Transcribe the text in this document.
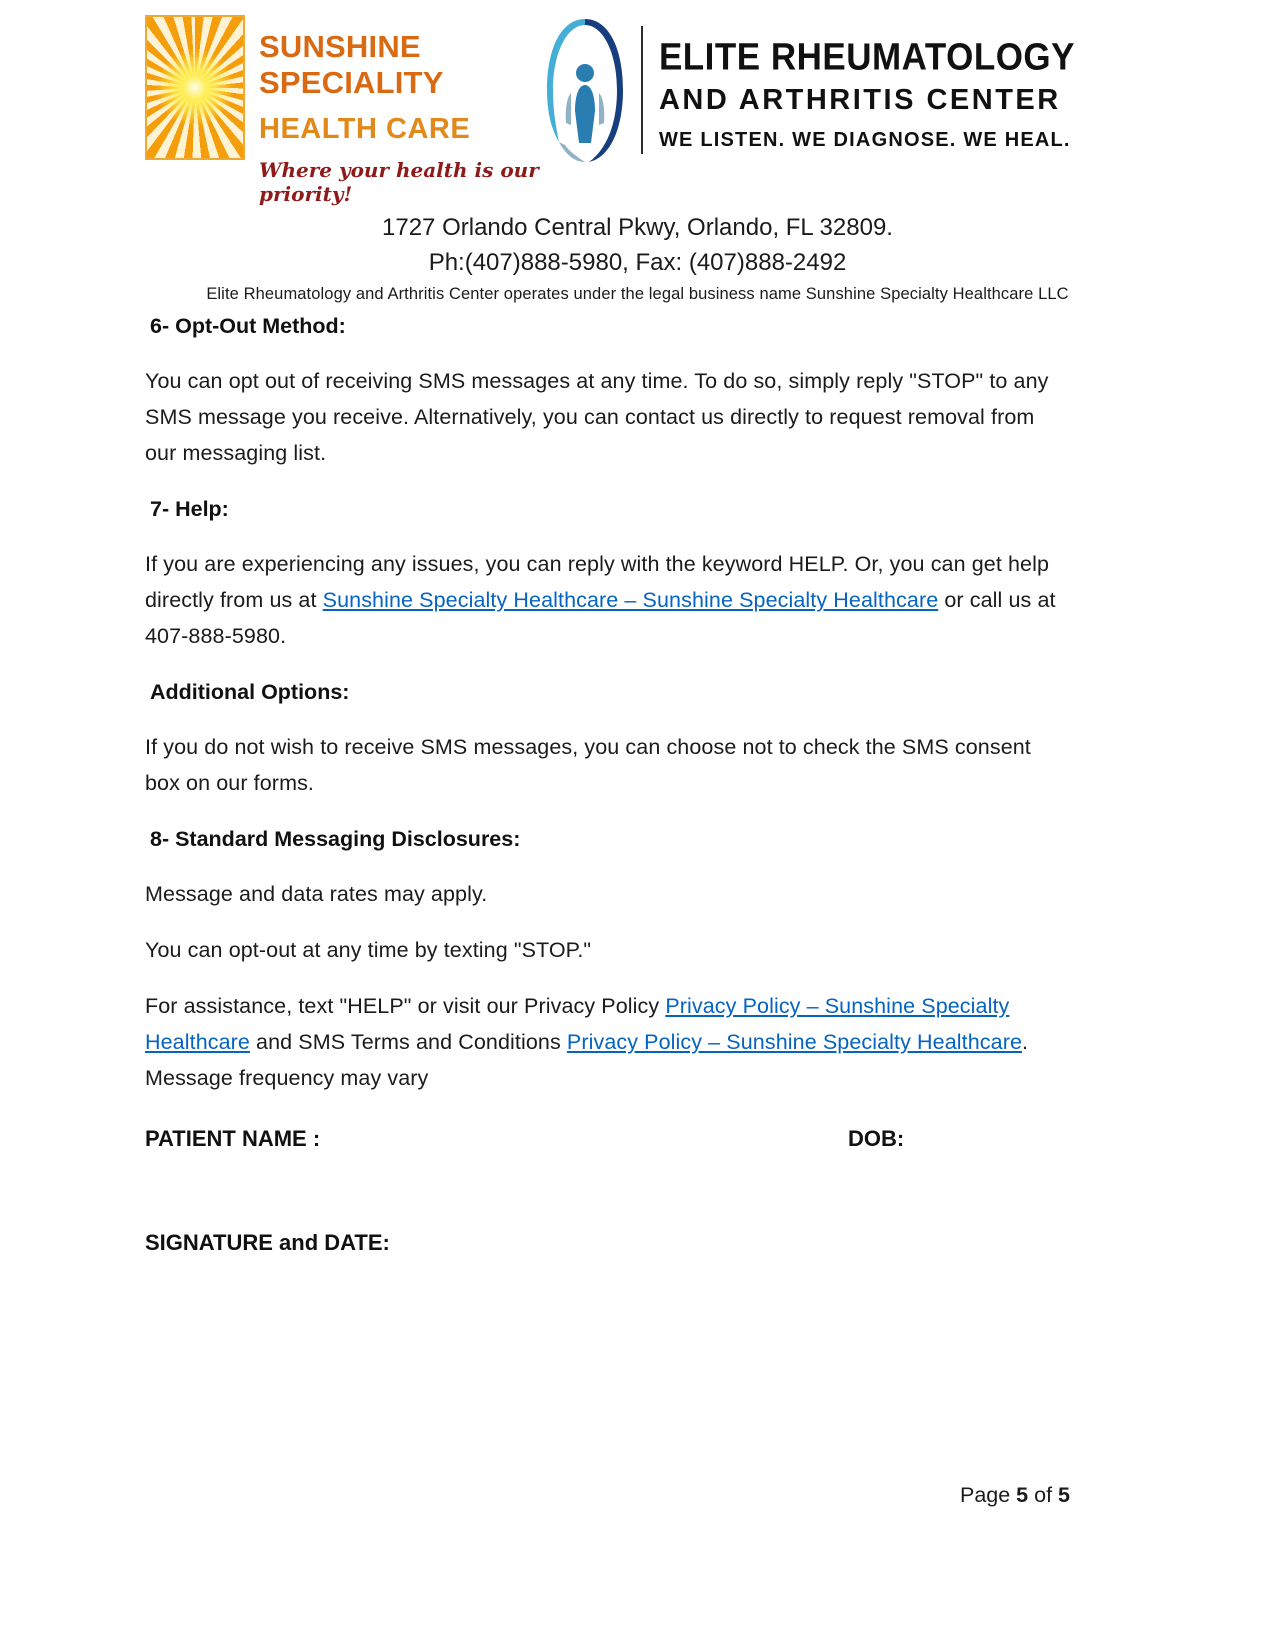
SUNSHINE SPECIALITY
HEALTH CARE
Where your health is our priority!
ELITE RHEUMATOLOGY
AND ARTHRITIS CENTER
WE LISTEN. WE DIAGNOSE. WE HEAL.
1727 Orlando Central Pkwy, Orlando, FL 32809.
Ph:(407)888-5980, Fax: (407)888-2492
Elite Rheumatology and Arthritis Center operates under the legal business name Sunshine Specialty Healthcare LLC
6- Opt-Out Method:

You can opt out of receiving SMS messages at any time. To do so, simply reply "STOP" to any SMS message you receive. Alternatively, you can contact us directly to request removal from our messaging list.

7- Help:

If you are experiencing any issues, you can reply with the keyword HELP. Or, you can get help directly from us at Sunshine Specialty Healthcare – Sunshine Specialty Healthcare or call us at 407-888-5980.

Additional Options:

If you do not wish to receive SMS messages, you can choose not to check the SMS consent box on our forms.

8- Standard Messaging Disclosures:

Message and data rates may apply.

You can opt-out at any time by texting "STOP."

For assistance, text "HELP" or visit our Privacy Policy Privacy Policy – Sunshine Specialty Healthcare and SMS Terms and Conditions Privacy Policy – Sunshine Specialty Healthcare. Message frequency may vary

PATIENT NAME :	DOB:
SIGNATURE and DATE:
Page 5 of 5
